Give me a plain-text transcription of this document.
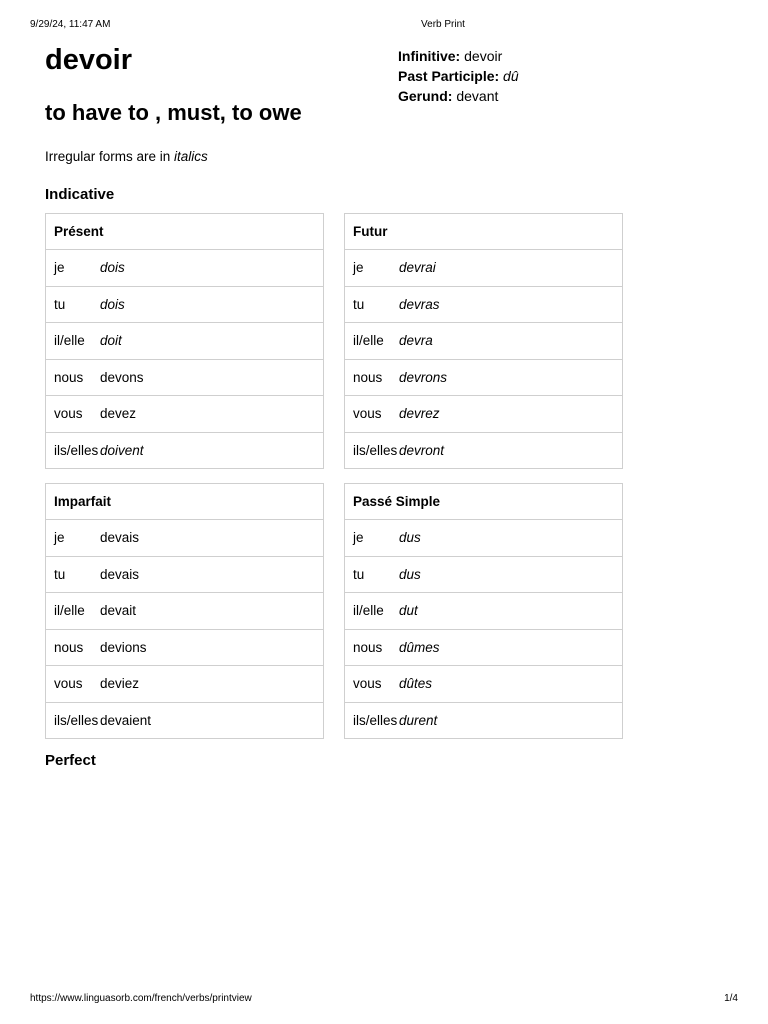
9/29/24, 11:47 AM	Verb Print
devoir	Infinitive: devoir
Past Participle: dû
Gerund: devant
to have to , must, to owe
Irregular forms are in italics
Indicative
Présent
je	dois
tu	dois
il/elle	doit
nous	devons
vous	devez
ils/elles doivent
Futur
je	devrai
tu	devras
il/elle	devra
nous	devrons
vous	devrez
ils/elles devront
Imparfait
je	devais
tu	devais
il/elle	devait
nous	devions
vous	deviez
ils/elles devaient
Passé Simple
je	dus
tu	dus
il/elle	dut
nous	dûmes
vous	dûtes
ils/elles durent
Perfect
https://www.linguasorb.com/french/verbs/printview	1/4
